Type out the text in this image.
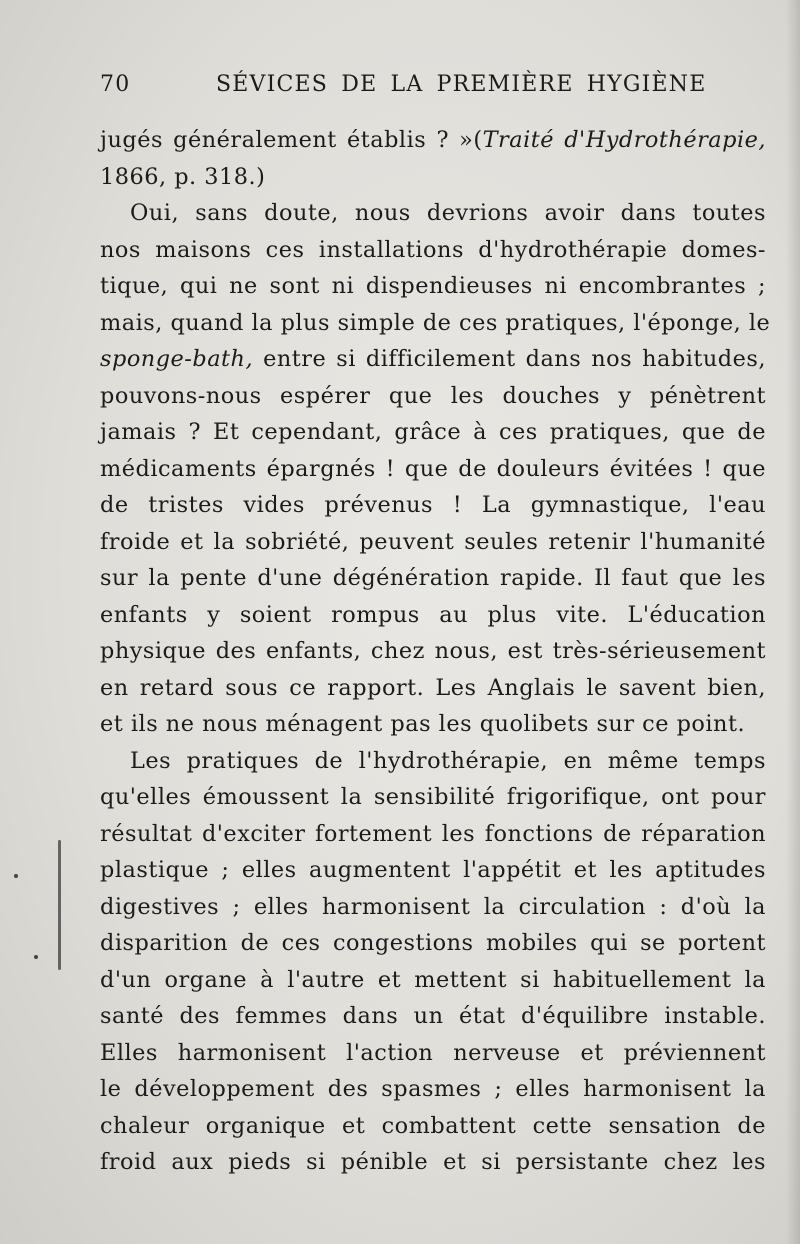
70	SÉVICES DE LA PREMIÈRE HYGIÈNE
jugés généralement établis ? »(Traité d'Hydrothérapie,
1866, p. 318.)
Oui, sans doute, nous devrions avoir dans toutes
nos maisons ces installations d'hydrothérapie domes-
tique, qui ne sont ni dispendieuses ni encombrantes ;
mais, quand la plus simple de ces pratiques, l'éponge, le
sponge-bath, entre si difficilement dans nos habitudes,
pouvons-nous espérer que les douches y pénètrent
jamais ? Et cependant, grâce à ces pratiques, que de
médicaments épargnés ! que de douleurs évitées ! que
de tristes vides prévenus ! La gymnastique, l'eau
froide et la sobriété, peuvent seules retenir l'humanité
sur la pente d'une dégénération rapide. Il faut que les
enfants y soient rompus au plus vite. L'éducation
physique des enfants, chez nous, est très-sérieusement
en retard sous ce rapport. Les Anglais le savent bien,
et ils ne nous ménagent pas les quolibets sur ce point.
Les pratiques de l'hydrothérapie, en même temps
qu'elles émoussent la sensibilité frigorifique, ont pour
résultat d'exciter fortement les fonctions de réparation
plastique ; elles augmentent l'appétit et les aptitudes
digestives ; elles harmonisent la circulation : d'où la
disparition de ces congestions mobiles qui se portent
d'un organe à l'autre et mettent si habituellement la
santé des femmes dans un état d'équilibre instable.
Elles harmonisent l'action nerveuse et préviennent
le développement des spasmes ; elles harmonisent la
chaleur organique et combattent cette sensation de
froid aux pieds si pénible et si persistante chez les
